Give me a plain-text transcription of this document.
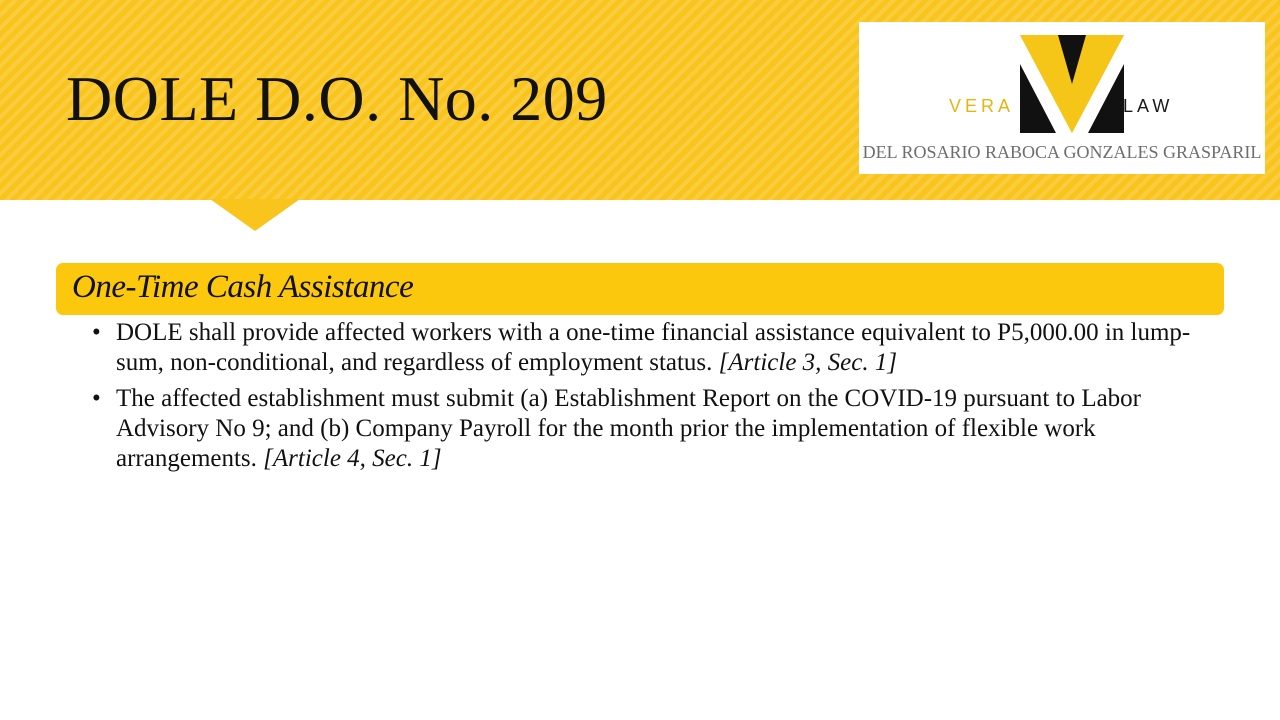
DOLE D.O. No. 209	VERA	LAW
DEL ROSARIO RABOCA GONZALES GRASPARIL
One-Time Cash Assistance
• DOLE shall provide affected workers with a one-time financial assistance equivalent to P5,000.00 in lump-sum, non-conditional, and regardless of employment status. [Article 3, Sec. 1]
• The affected establishment must submit (a) Establishment Report on the COVID-19 pursuant to Labor Advisory No 9; and (b) Company Payroll for the month prior the implementation of flexible work arrangements. [Article 4, Sec. 1]
